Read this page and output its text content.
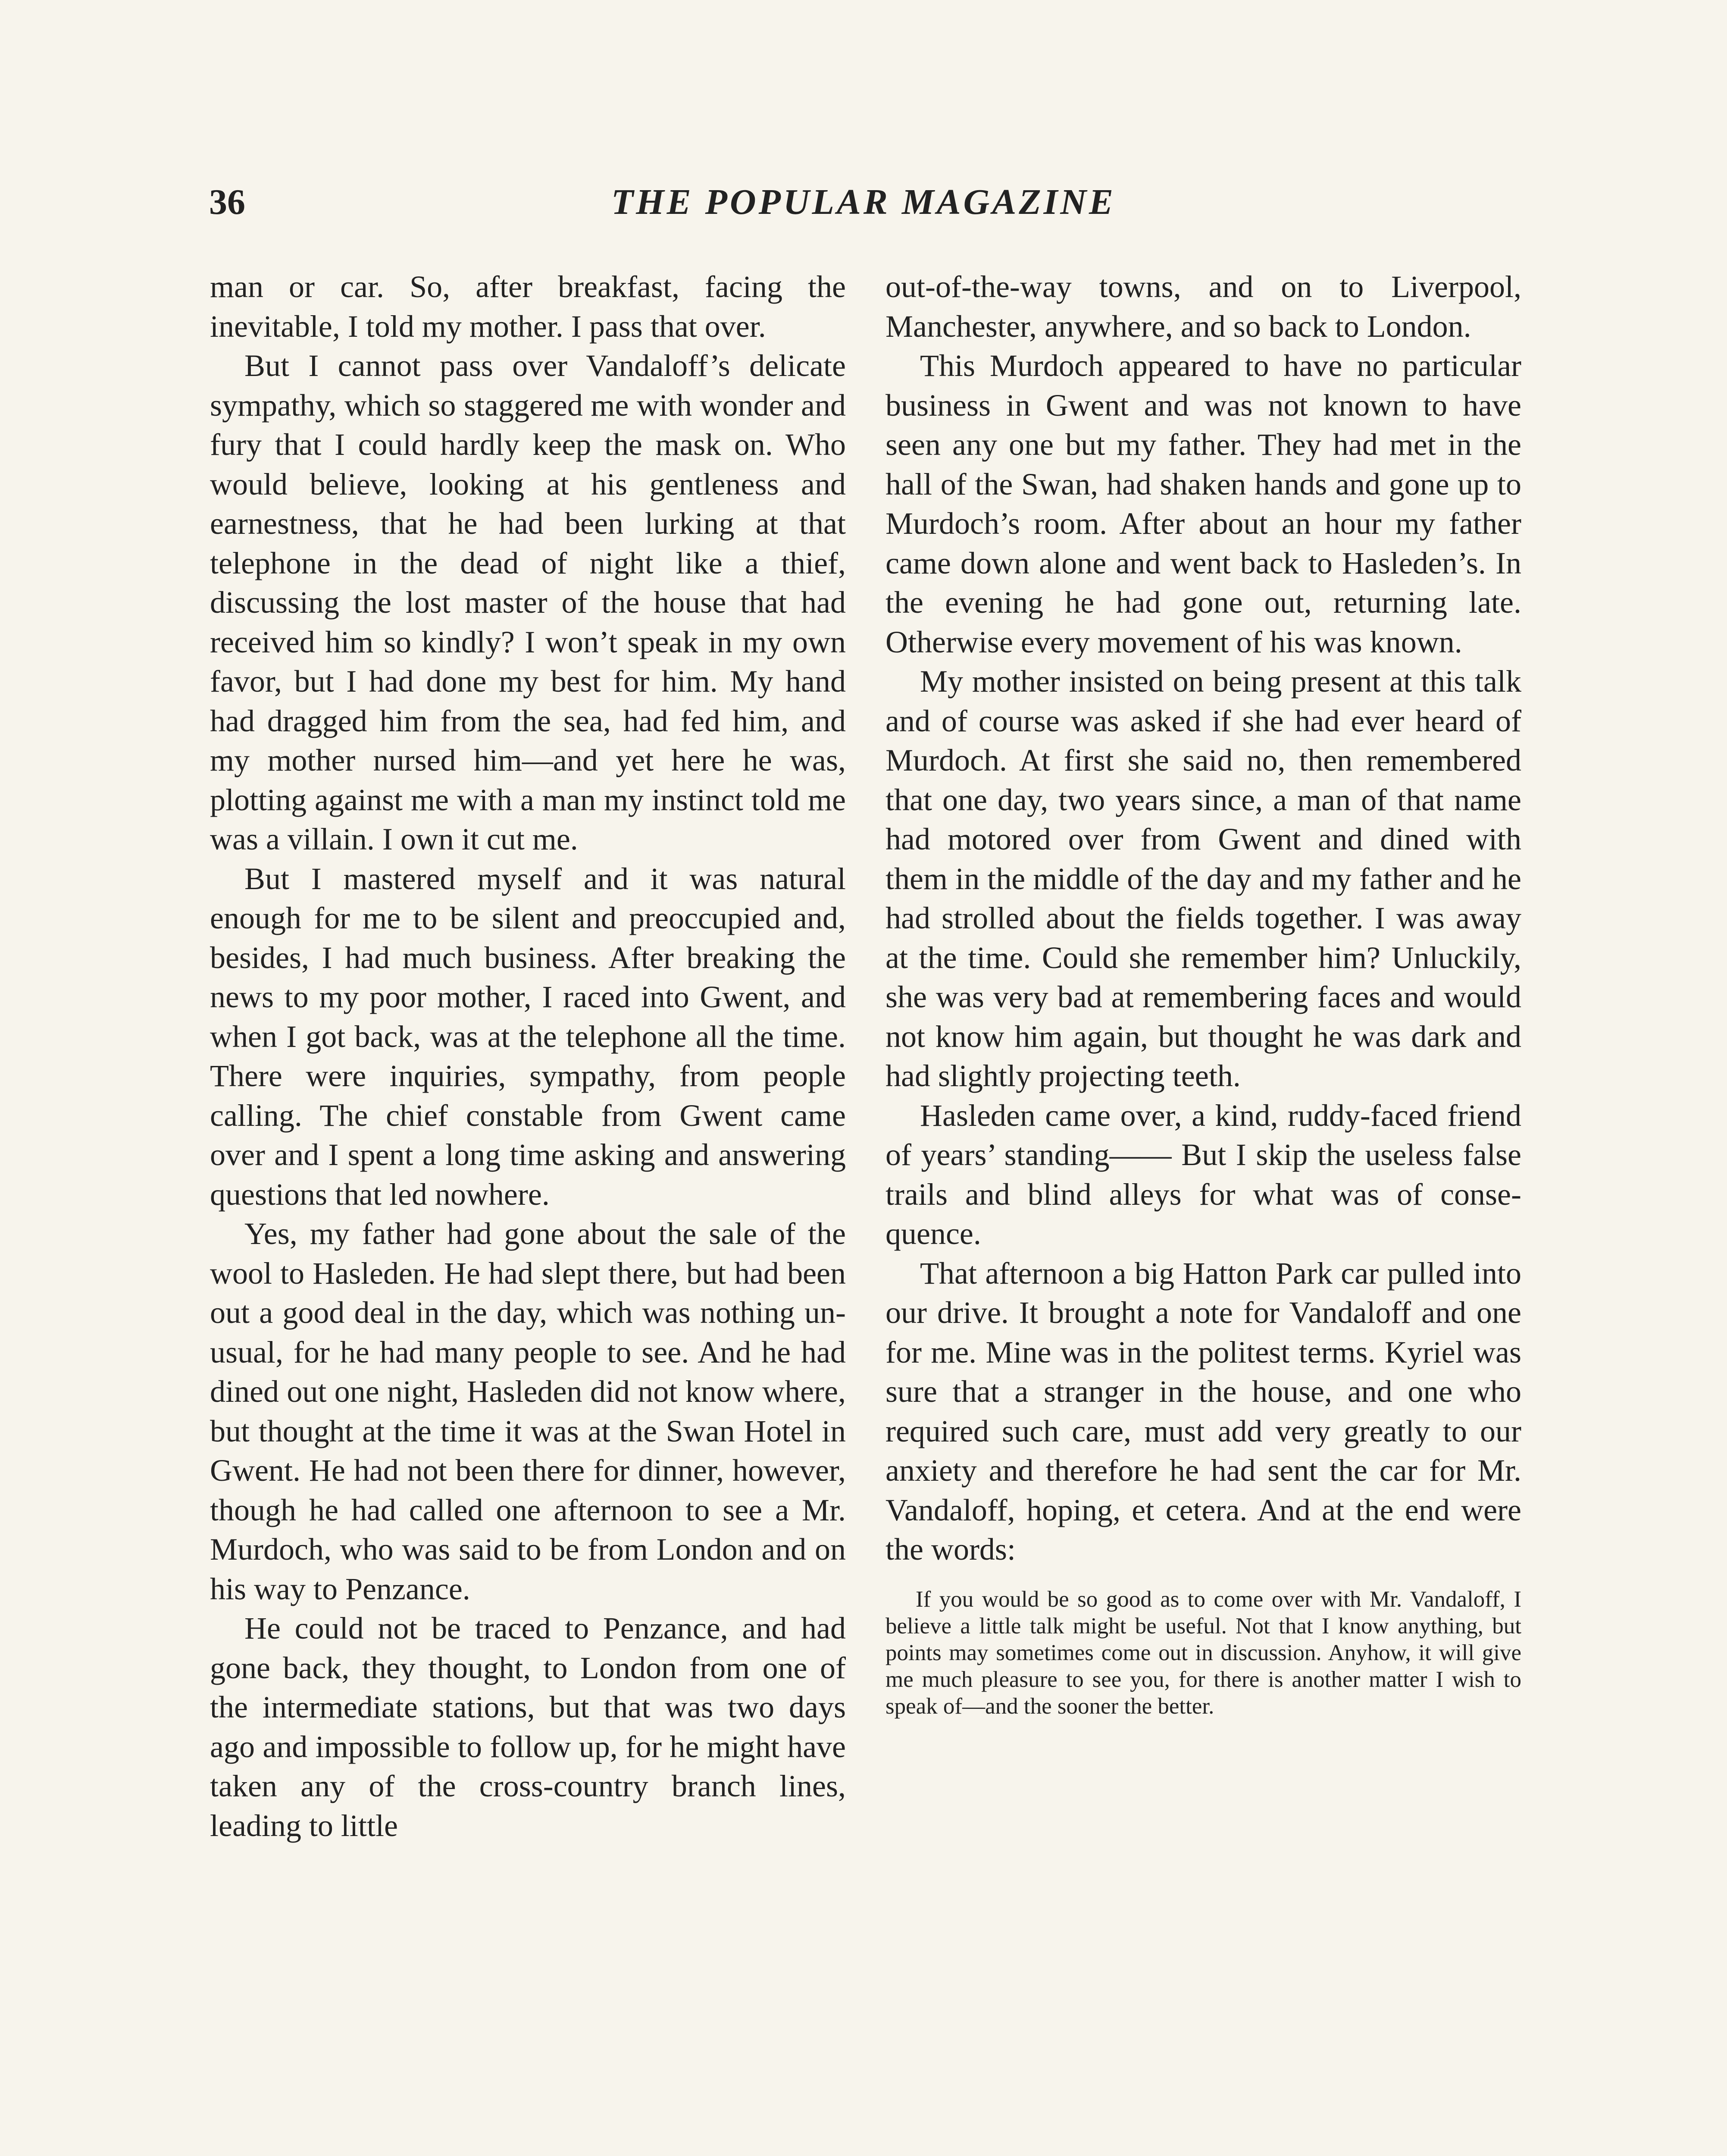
36	THE POPULAR MAGAZINE

man or car. So, after breakfast, facing the inevitable, I told my mother. I pass that over.

But I cannot pass over Vandaloff’s delicate sympathy, which so staggered me with wonder and fury that I could hardly keep the mask on. Who would believe, looking at his gentleness and earnestness, that he had been lurking at that telephone in the dead of night like a thief, discussing the lost master of the house that had received him so kindly? I won’t speak in my own favor, but I had done my best for him. My hand had dragged him from the sea, had fed him, and my mother nursed him—and yet here he was, plotting against me with a man my instinct told me was a villain. I own it cut me.

But I mastered myself and it was natural enough for me to be silent and preoccupied and, besides, I had much business. After breaking the news to my poor mother, I raced into Gwent, and when I got back, was at the telephone all the time. There were inquiries, sympathy, from people calling. The chief constable from Gwent came over and I spent a long time asking and answering questions that led nowhere.

Yes, my father had gone about the sale of the wool to Hasleden. He had slept there, but had been out a good deal in the day, which was nothing unusual, for he had many people to see. And he had dined out one night, Hasleden did not know where, but thought at the time it was at the Swan Hotel in Gwent. He had not been there for dinner, however, though he had called one afternoon to see a Mr. Murdoch, who was said to be from London and on his way to Penzance.

He could not be traced to Penzance, and had gone back, they thought, to London from one of the intermediate stations, but that was two days ago and impossible to follow up, for he might have taken any of the cross-country branch lines, leading to little

out-of-the-way towns, and on to Liverpool, Manchester, anywhere, and so back to London.

This Murdoch appeared to have no particular business in Gwent and was not known to have seen any one but my father. They had met in the hall of the Swan, had shaken hands and gone up to Murdoch’s room. After about an hour my father came down alone and went back to Hasleden’s. In the evening he had gone out, returning late. Otherwise every movement of his was known.

My mother insisted on being present at this talk and of course was asked if she had ever heard of Murdoch. At first she said no, then remembered that one day, two years since, a man of that name had motored over from Gwent and dined with them in the middle of the day and my father and he had strolled about the fields together. I was away at the time. Could she remember him? Unluckily, she was very bad at remembering faces and would not know him again, but thought he was dark and had slightly projecting teeth.

Hasleden came over, a kind, ruddy-faced friend of years’ standing—— But I skip the useless false trails and blind alleys for what was of consequence.

That afternoon a big Hatton Park car pulled into our drive. It brought a note for Vandaloff and one for me. Mine was in the politest terms. Kyriel was sure that a stranger in the house, and one who required such care, must add very greatly to our anxiety and therefore he had sent the car for Mr. Vandaloff, hoping, et cetera. And at the end were the words:

If you would be so good as to come over with Mr. Vandaloff, I believe a little talk might be useful. Not that I know anything, but points may sometimes come out in discussion. Anyhow, it will give me much pleasure to see you, for there is another matter I wish to speak of—and the sooner the better.
